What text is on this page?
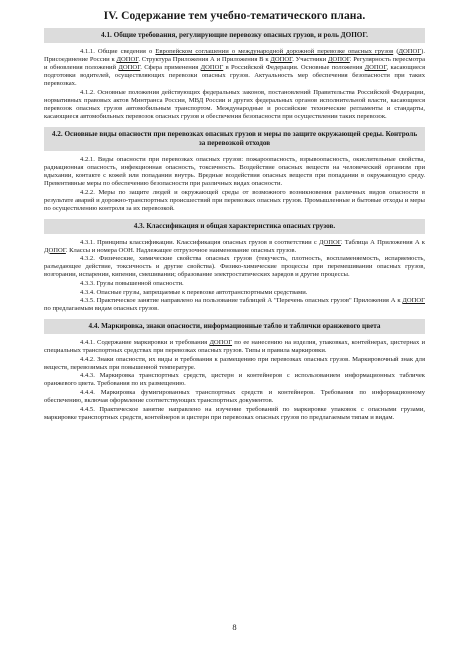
IV. Содержание тем учебно-тематического плана.
4.1. Общие требования, регулирующие перевозку опасных грузов, и роль ДОПОГ.

4.1.1. Общие сведения о Европейском соглашении о международной дорожной перевозке опасных грузов (ДОПОГ). Присоединение России к ДОПОГ. Структура Приложения А и Приложения В к ДОПОГ. Участники ДОПОГ. Регулярность пересмотра и обновления положений ДОПОГ. Сфера применения ДОПОГ в Российской Федерации. Основные положения ДОПОГ, касающиеся подготовки водителей, осуществляющих перевозки опасных грузов. Актуальность мер обеспечения безопасности при таких перевозках.

4.1.2. Основные положения действующих федеральных законов, постановлений Правительства Российской Федерации, нормативных правовых актов Минтранса России, МВД России и других федеральных органов исполнительной власти, касающиеся перевозок опасных грузов автомобильным транспортом. Международные и российские технические регламенты и стандарты, касающиеся автомобильных перевозок опасных грузов и обеспечения безопасности при осуществлении таких перевозок.

4.2. Основные виды опасности при перевозках опасных грузов и меры по защите окружающей среды. Контроль за перевозкой отходов

4.2.1. Виды опасности при перевозках опасных грузов: пожароопасность, взрывоопасность, окислительные свойства, радиационная опасность, инфекционная опасность, токсичность. Воздействие опасных веществ на человеческий организм при вдыхании, контакте с кожей или попадании внутрь. Вредные воздействия опасных веществ при попадании в окружающую среду. Превентивные меры по обеспечению безопасности при различных видах опасности.

4.2.2. Меры по защите людей и окружающей среды от возможного возникновения различных видов опасности в результате аварий и дорожно-транспортных происшествий при перевозках опасных грузов. Промышленные и бытовые отходы и меры по осуществлению контроля за их перевозкой.

4.3. Классификация и общая характеристика опасных грузов.

4.3.1. Принципы классификации. Классификация опасных грузов в соответствии с ДОПОГ. Таблица А Приложения А к ДОПОГ. Классы и номера ООН. Надлежащее отгрузочное наименование опасных грузов.

4.3.2. Физические, химические свойства опасных грузов (текучесть, плотность, воспламеняемость, испаряемость, разъедающее действие, токсичность и другие свойства). Физико-химические процессы при перемешивании опасных грузов, возгорании, испарении, кипении, смешивании; образование электростатических зарядов и другие процессы.

4.3.3. Грузы повышенной опасности.

4.3.4. Опасные грузы, запрещаемые к перевозке автотранспортными средствами.

4.3.5. Практическое занятие направлено на пользование таблицей А "Перечень опасных грузов" Приложения А к ДОПОГ по предлагаемым видам опасных грузов.

4.4. Маркировка, знаки опасности, информационные табло и таблички оранжевого цвета

4.4.1. Содержание маркировки и требования ДОПОГ по ее нанесению на изделия, упаковках, контейнерах, цистернах и специальных транспортных средствах при перевозках опасных грузов. Типы и правила маркировки.

4.4.2. Знаки опасности, их виды и требования к размещению при перевозках опасных грузов. Маркировочный знак для веществ, перевозимых при повышенной температуре.

4.4.3. Маркировка транспортных средств, цистерн и контейнеров с использованием информационных табличек оранжевого цвета. Требования по их размещению.

4.4.4. Маркировка фумигированных транспортных средств и контейнеров. Требования по информационному обеспечению, включая оформление соответствующих транспортных документов.

4.4.5. Практическое занятие направлено на изучение требований по маркировке упаковок с опасными грузами, маркировке транспортных средств, контейнеров и цистерн при перевозках опасных грузов по предлагаемым типам и видам.

8
